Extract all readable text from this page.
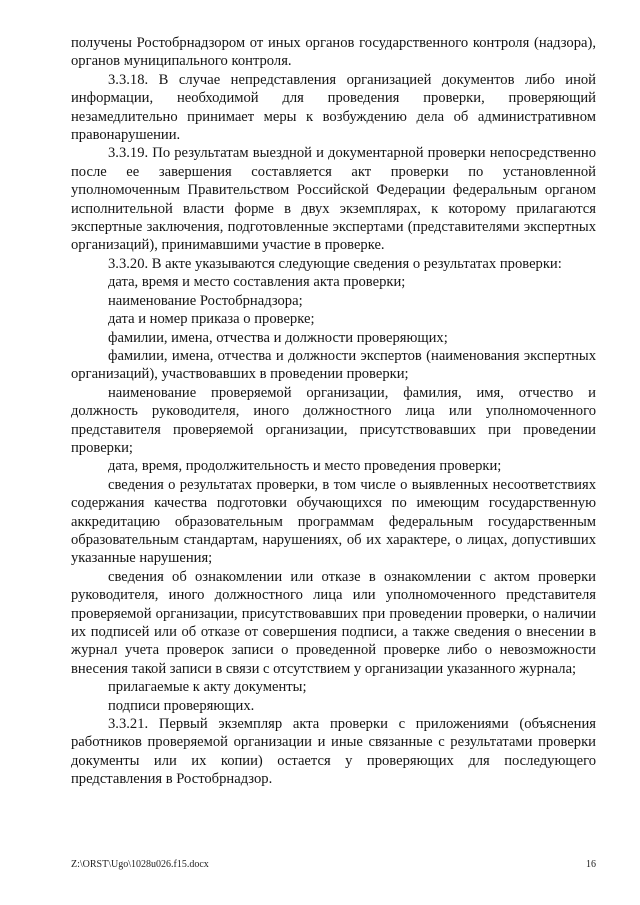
получены Ростобрнадзором от иных органов государственного контроля (надзора), органов муниципального контроля.

3.3.18. В случае непредставления организацией документов либо иной информации, необходимой для проведения проверки, проверяющий незамедлительно принимает меры к возбуждению дела об административном правонарушении.

3.3.19. По результатам выездной и документарной проверки непосредственно после ее завершения составляется акт проверки по установленной уполномоченным Правительством Российской Федерации федеральным органом исполнительной власти форме в двух экземплярах, к которому прилагаются экспертные заключения, подготовленные экспертами (представителями экспертных организаций), принимавшими участие в проверке.

3.3.20. В акте указываются следующие сведения о результатах проверки:

дата, время и место составления акта проверки;

наименование Ростобрнадзора;

дата и номер приказа о проверке;

фамилии, имена, отчества и должности проверяющих;

фамилии, имена, отчества и должности экспертов (наименования экспертных организаций), участвовавших в проведении проверки;

наименование проверяемой организации, фамилия, имя, отчество и должность руководителя, иного должностного лица или уполномоченного представителя проверяемой организации, присутствовавших при проведении проверки;

дата, время, продолжительность и место проведения проверки;

сведения о результатах проверки, в том числе о выявленных несоответствиях содержания качества подготовки обучающихся по имеющим государственную аккредитацию образовательным программам федеральным государственным образовательным стандартам, нарушениях, об их характере, о лицах, допустивших указанные нарушения;

сведения об ознакомлении или отказе в ознакомлении с актом проверки руководителя, иного должностного лица или уполномоченного представителя проверяемой организации, присутствовавших при проведении проверки, о наличии их подписей или об отказе от совершения подписи, а также сведения о внесении в журнал учета проверок записи о проведенной проверке либо о невозможности внесения такой записи в связи с отсутствием у организации указанного журнала;

прилагаемые к акту документы;

подписи проверяющих.

3.3.21. Первый экземпляр акта проверки с приложениями (объяснения работников проверяемой организации и иные связанные с результатами проверки документы или их копии) остается у проверяющих для последующего представления в Ростобрнадзор.

Z:\ORST\Ugo\1028u026.f15.docx	16
